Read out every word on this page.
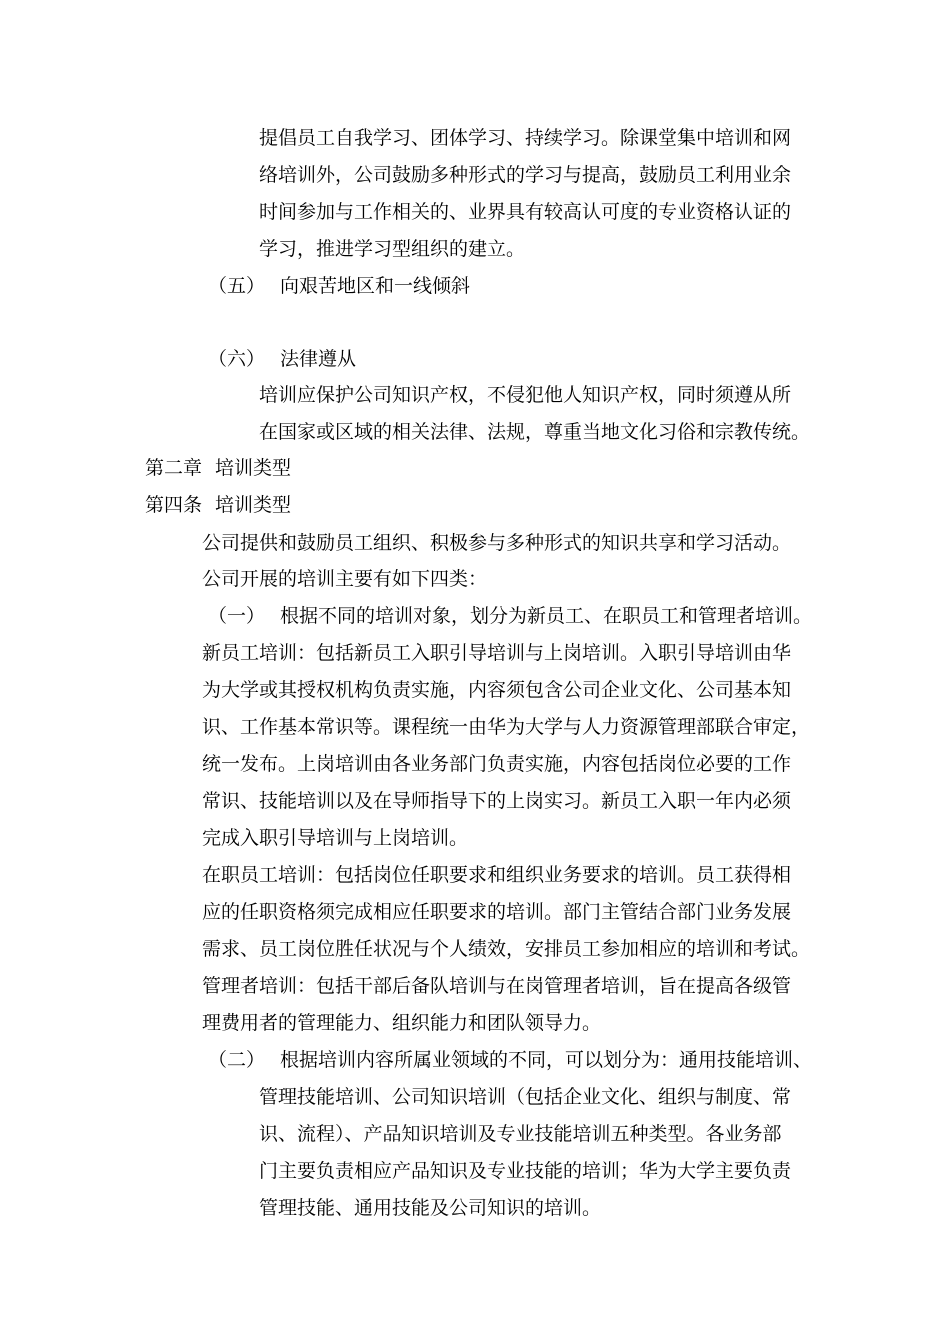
提倡员工自我学习、团体学习、持续学习。除课堂集中培训和网
络培训外，公司鼓励多种形式的学习与提高，鼓励员工利用业余
时间参加与工作相关的、业界具有较高认可度的专业资格认证的
学习，推进学习型组织的建立。
（五） 向艰苦地区和一线倾斜
（六） 法律遵从
培训应保护公司知识产权，不侵犯他人知识产权，同时须遵从所
在国家或区域的相关法律、法规，尊重当地文化习俗和宗教传统。
第二章 培训类型
第四条 培训类型
公司提供和鼓励员工组织、积极参与多种形式的知识共享和学习活动。
公司开展的培训主要有如下四类：
（一） 根据不同的培训对象，划分为新员工、在职员工和管理者培训。
新员工培训：包括新员工入职引导培训与上岗培训。入职引导培训由华
为大学或其授权机构负责实施，内容须包含公司企业文化、公司基本知
识、工作基本常识等。课程统一由华为大学与人力资源管理部联合审定，
统一发布。上岗培训由各业务部门负责实施，内容包括岗位必要的工作
常识、技能培训以及在导师指导下的上岗实习。新员工入职一年内必须
完成入职引导培训与上岗培训。
在职员工培训：包括岗位任职要求和组织业务要求的培训。员工获得相
应的任职资格须完成相应任职要求的培训。部门主管结合部门业务发展
需求、员工岗位胜任状况与个人绩效，安排员工参加相应的培训和考试。
管理者培训：包括干部后备队培训与在岗管理者培训，旨在提高各级管
理费用者的管理能力、组织能力和团队领导力。
（二） 根据培训内容所属业领域的不同，可以划分为：通用技能培训、
管理技能培训、公司知识培训（包括企业文化、组织与制度、常
识、流程）、产品知识培训及专业技能培训五种类型。各业务部
门主要负责相应产品知识及专业技能的培训；华为大学主要负责
管理技能、通用技能及公司知识的培训。
